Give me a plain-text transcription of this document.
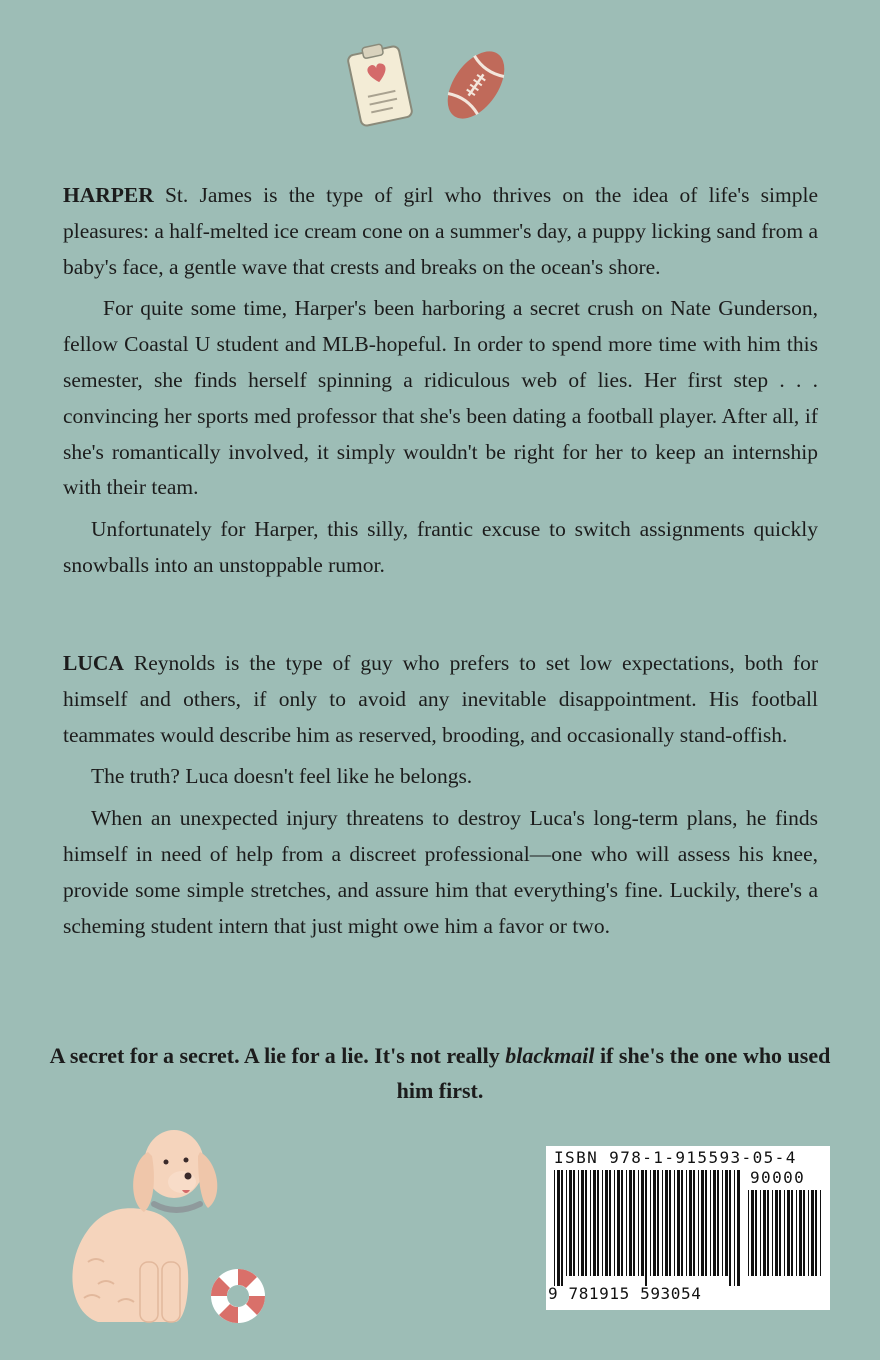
HARPER St. James is the type of girl who thrives on the idea of life's simple pleasures: a half-melted ice cream cone on a summer's day, a puppy licking sand from a baby's face, a gentle wave that crests and breaks on the ocean's shore.

For quite some time, Harper's been harboring a secret crush on Nate Gunderson, fellow Coastal U student and MLB-hopeful. In order to spend more time with him this semester, she finds herself spinning a ridiculous web of lies. Her first step . . . convincing her sports med professor that she's been dating a football player. After all, if she's romantically involved, it simply wouldn't be right for her to keep an internship with their team.

Unfortunately for Harper, this silly, frantic excuse to switch assignments quickly snowballs into an unstoppable rumor.

LUCA Reynolds is the type of guy who prefers to set low expectations, both for himself and others, if only to avoid any inevitable disappointment. His football teammates would describe him as reserved, brooding, and occasionally stand-offish.

The truth? Luca doesn't feel like he belongs.

When an unexpected injury threatens to destroy Luca's long-term plans, he finds himself in need of help from a discreet professional—one who will assess his knee, provide some simple stretches, and assure him that everything's fine. Luckily, there's a scheming student intern that just might owe him a favor or two.

A secret for a secret. A lie for a lie. It's not really blackmail if she's the one who used him first.
ISBN 978-1-915593-05-4
90000
9 781915 593054
